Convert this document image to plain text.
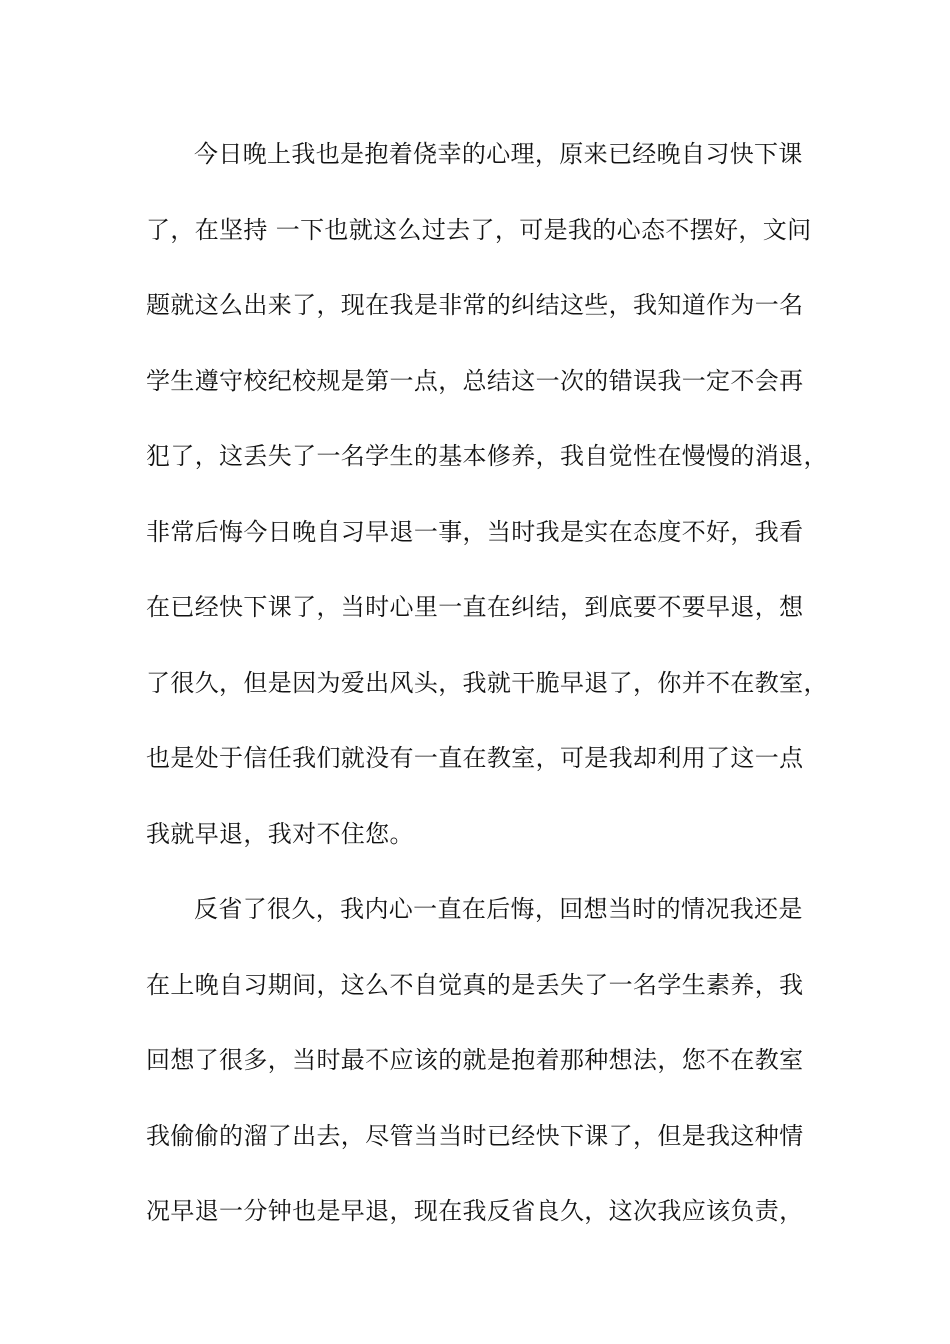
今日晚上我也是抱着侥幸的心理，原来已经晚自习快下课
了，在坚持 一下也就这么过去了，可是我的心态不摆好，文问
题就这么出来了，现在我是非常的纠结这些，我知道作为一名
学生遵守校纪校规是第一点，总结这一次的错误我一定不会再
犯了，这丢失了一名学生的基本修养，我自觉性在慢慢的消退，
非常后悔今日晚自习早退一事，当时我是实在态度不好，我看
在已经快下课了，当时心里一直在纠结，到底要不要早退，想
了很久，但是因为爱出风头，我就干脆早退了，你并不在教室，
也是处于信任我们就没有一直在教室，可是我却利用了这一点
我就早退，我对不住您。
反省了很久，我内心一直在后悔，回想当时的情况我还是
在上晚自习期间，这么不自觉真的是丢失了一名学生素养，我
回想了很多，当时最不应该的就是抱着那种想法，您不在教室
我偷偷的溜了出去，尽管当当时已经快下课了，但是我这种情
况早退一分钟也是早退，现在我反省良久，这次我应该负责，
